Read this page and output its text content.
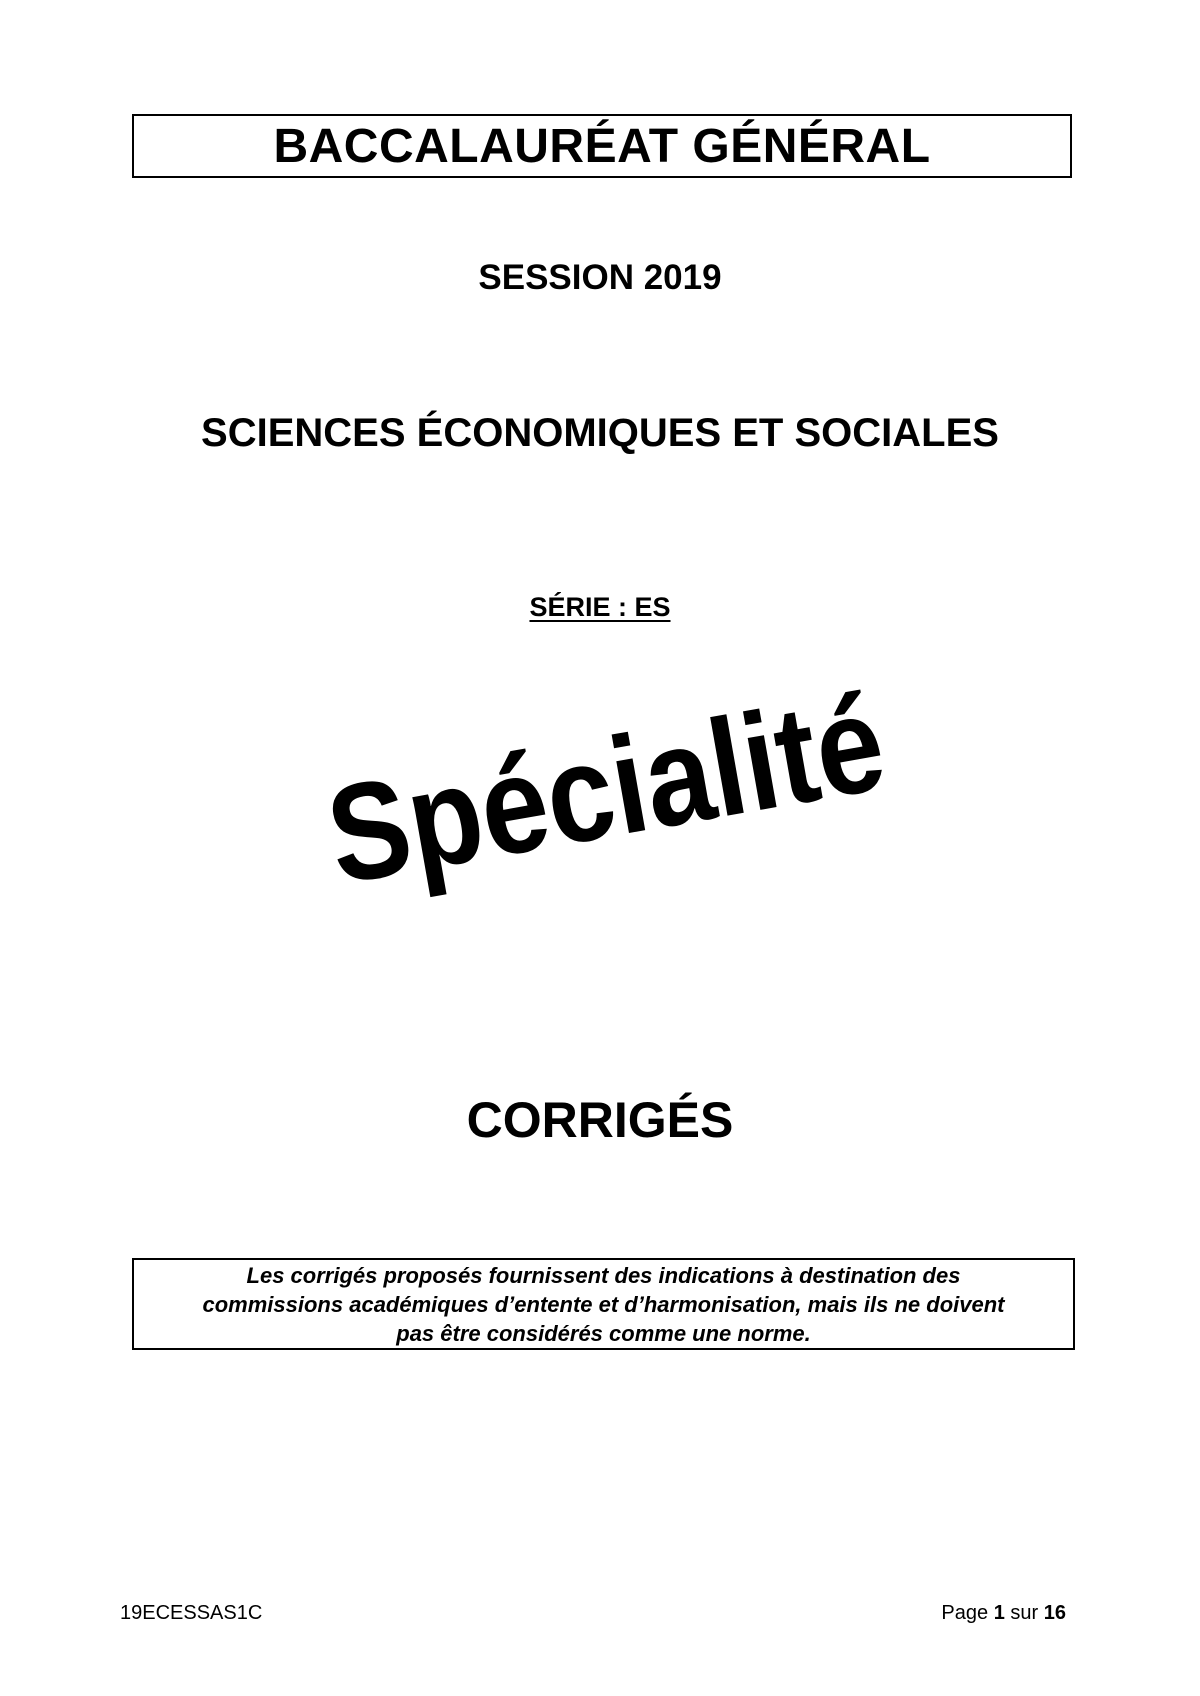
BACCALAURÉAT GÉNÉRAL
SESSION 2019
SCIENCES ÉCONOMIQUES ET SOCIALES
SÉRIE : ES
Spécialité
CORRIGÉS
Les corrigés proposés fournissent des indications à destination des
commissions académiques d’entente et d’harmonisation, mais ils ne doivent
pas être considérés comme une norme.
19ECESSAS1C	Page 1 sur 16
